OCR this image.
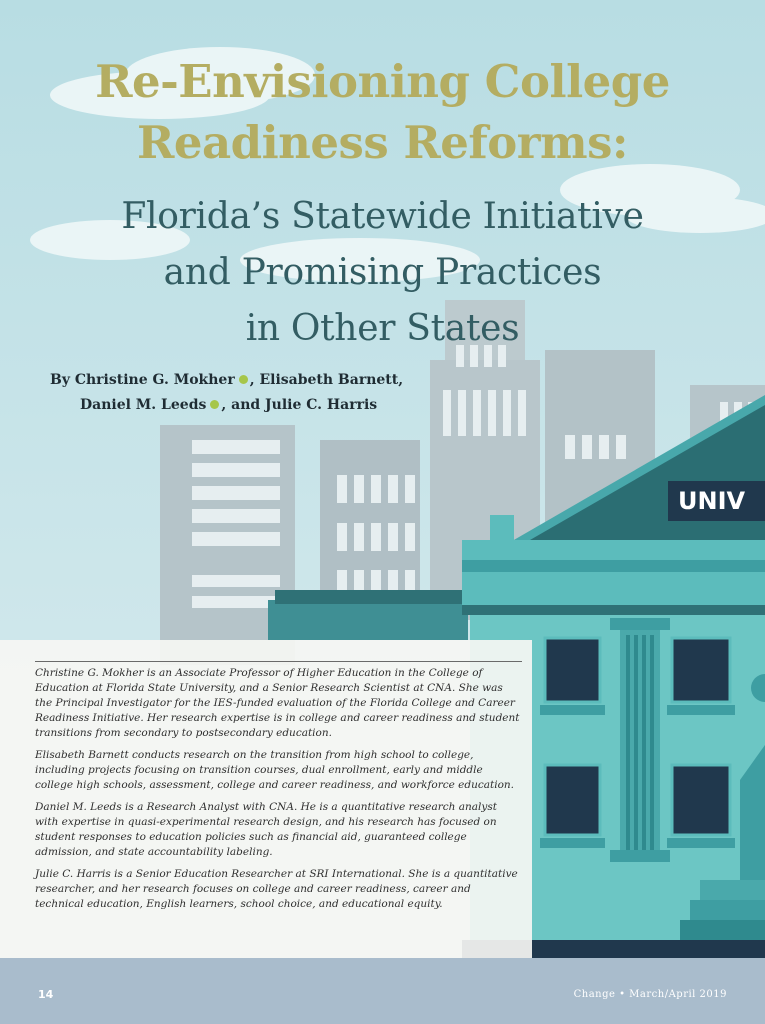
UNIV
Re-Envisioning College
Readiness Reforms:
Florida’s Statewide Initiative
and Promising Practices
in Other States
By Christine G. Mokher , Elisabeth Barnett,
Daniel M. Leeds , and Julie C. Harris

Christine G. Mokher is an Associate Professor of Higher Education in the College of Education at Florida State University, and a Senior Research Scientist at CNA. She was the Principal Investigator for the IES-funded evaluation of the Florida College and Career Readiness Initiative. Her research expertise is in college and career readiness and student transitions from secondary to postsecondary education.

Elisabeth Barnett conducts research on the transition from high school to college, including projects focusing on transition courses, dual enrollment, early and middle college high schools, assessment, college and career readiness, and workforce education.

Daniel M. Leeds is a Research Analyst with CNA. He is a quantitative research analyst with expertise in quasi-experimental research design, and his research has focused on student responses to education policies such as financial aid, guaranteed college admission, and state accountability labeling.

Julie C. Harris is a Senior Education Researcher at SRI International. She is a quantitative researcher, and her research focuses on college and career readiness, career and technical education, English learners, school choice, and educational equity.

14	Change • March/April 2019
